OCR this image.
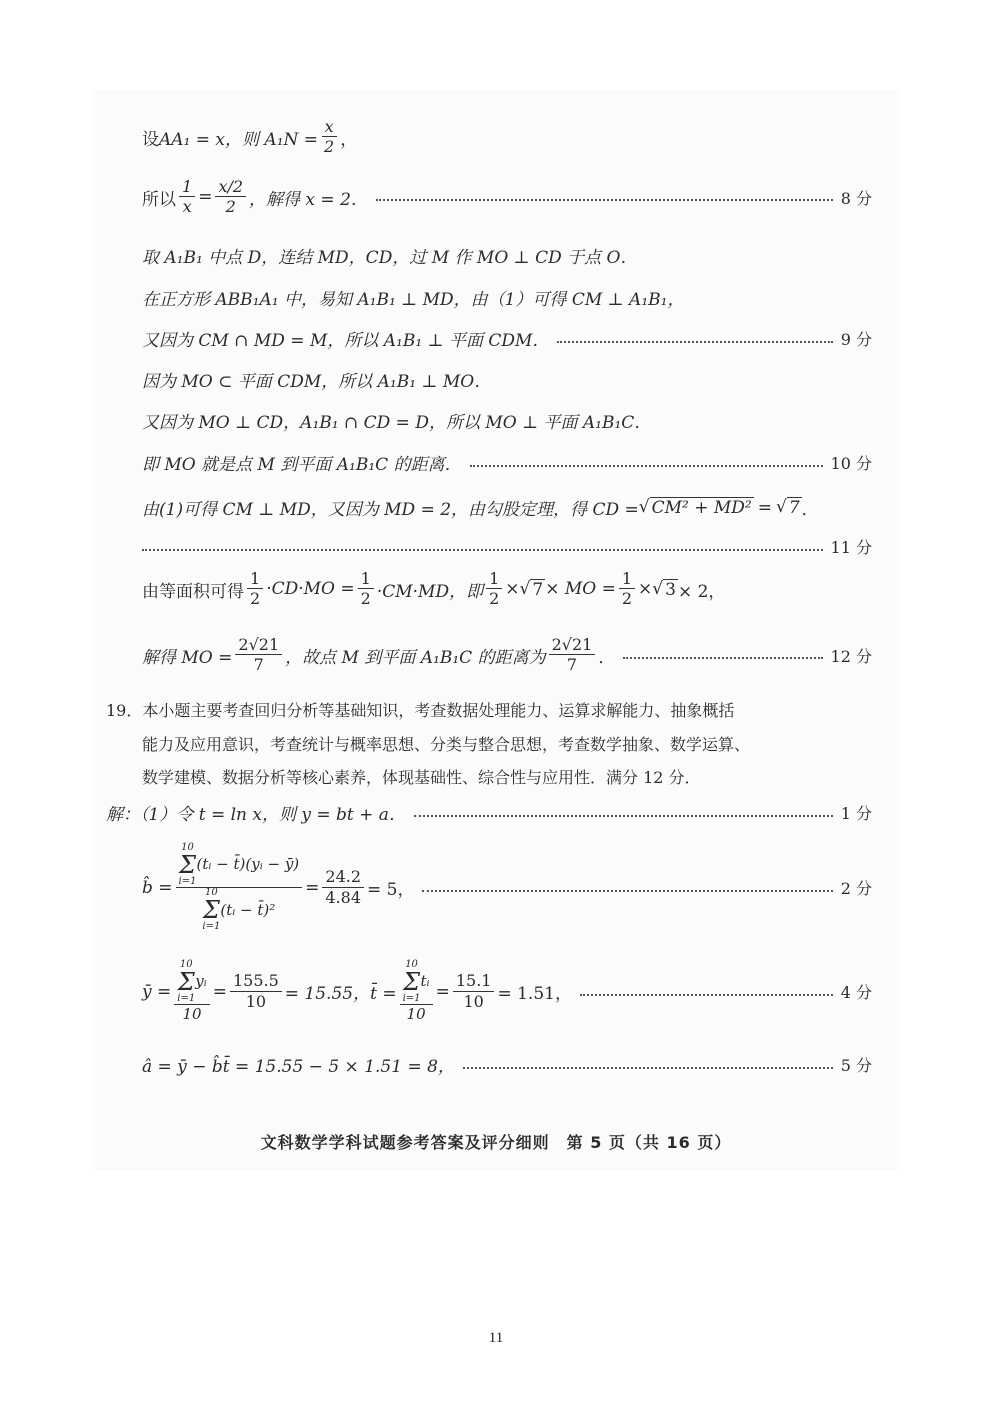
设 AA₁ = x，则 $A_1N = \frac{x}{2}$ ，
所以 $\frac{1}{x} = \frac{x/2}{2}$ ，解得 x = 2．	8 分
取 A₁B₁ 中点 D，连结 MD，CD，过 M 作 MO ⊥ CD 于点 O．
在正方形 ABB₁A₁ 中，易知 A₁B₁ ⊥ MD，由（1）可得 CM ⊥ A₁B₁，
又因为 CM ∩ MD = M，所以 A₁B₁ ⊥ 平面 CDM．	9 分
因为 MO ⊂ 平面 CDM，所以 A₁B₁ ⊥ MO．
又因为 MO ⊥ CD，A₁B₁ ∩ CD = D，所以 MO ⊥ 平面 A₁B₁C．
即 MO 就是点 M 到平面 A₁B₁C 的距离．	10 分
由(1)可得 CM ⊥ MD，又因为 MD = 2，由勾股定理，得 CD = √ CM² + MD² = √ 7 ．
11 分
由等面积可得 $\frac{1}{2} \cdot CD\cdot MO = \frac{1}{2} \cdot CM\cdot MD$，即 $\frac{1}{2}$ × √ 7 × MO = $\frac{1}{2}$ × √ 3 × 2，
解得 MO = $\frac{2√21}{7}$ ，故点 M 到平面 A₁B₁C 的距离为 $\frac{2√21}{7}$ ．	12 分
19．本小题主要考查回归分析等基础知识，考查数据处理能力、运算求解能力、抽象概括
能力及应用意识，考查统计与概率思想、分类与整合思想，考查数学抽象、数学运算、
数学建模、数据分析等核心素养，体现基础性、综合性与应用性．满分 12 分．
解：（1）令 t = ln x，则 y = bt + a．	1 分
b̂ = 10
Σ
i=1
(tᵢ − t̄)(yᵢ − ȳ)
10
Σ
i=1
(tᵢ − t̄)² = $\frac{24.2}{4.84} = 5$，	2 分
ȳ = 10
Σ
i=1
yᵢ
$10 = \frac{155.5}{10} = 15.55$，t̄ = 10
Σ
i=1
tᵢ
$10 = \frac{15.1}{10} = 1.51$，	4 分
â = ȳ − b̂t̄ = 15.55 − 5 × 1.51 = 8，	5 分
文科数学学科试题参考答案及评分细则　第 5 页（共 16 页）
11
